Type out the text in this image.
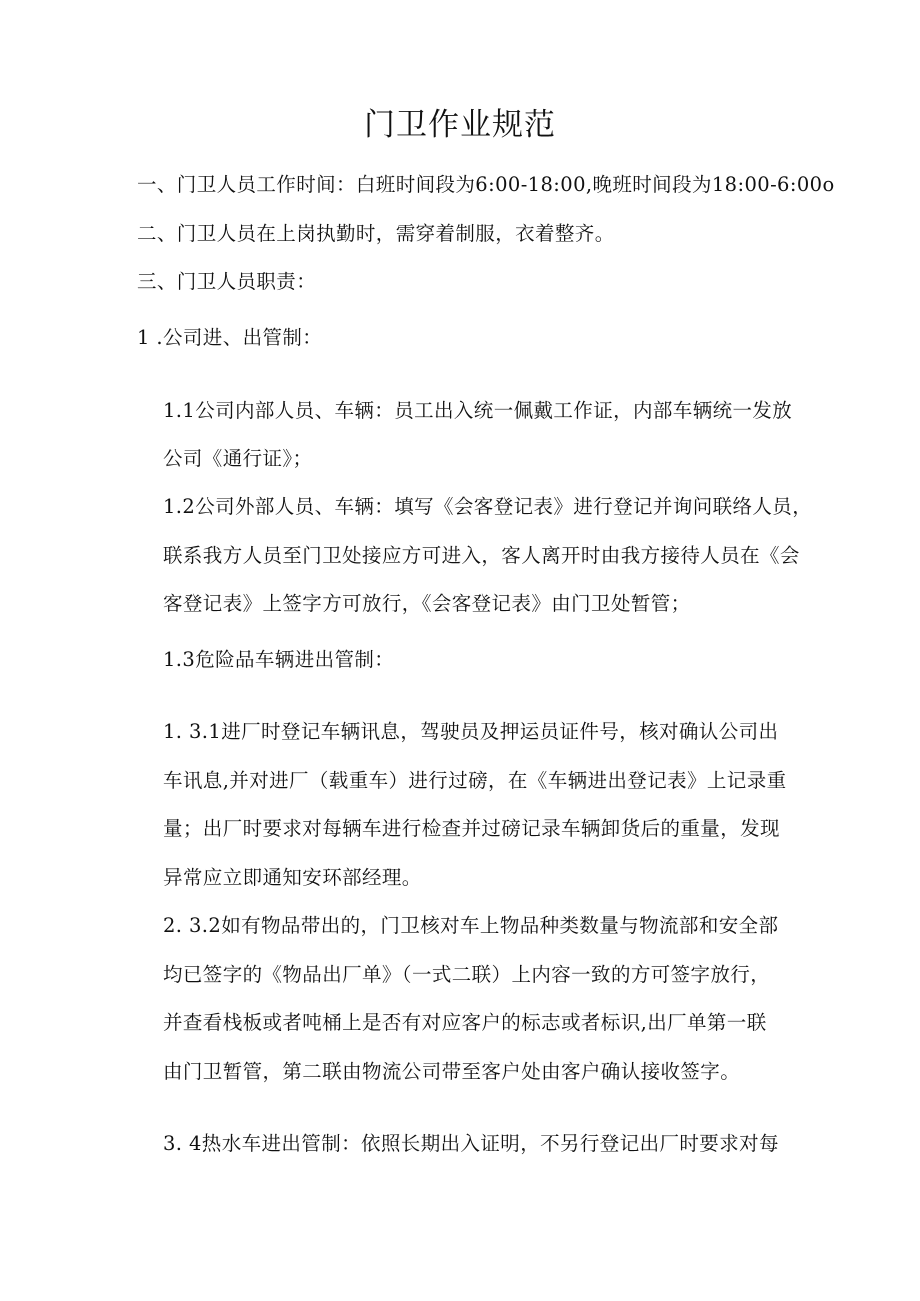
门卫作业规范
一、门卫人员工作时间：白班时间段为6:00-18:00,晚班时间段为18:00-6:00o
二、门卫人员在上岗执勤时，需穿着制服，衣着整齐。
三、门卫人员职责：
1 .公司进、出管制：
1.1公司内部人员、车辆：员工出入统一佩戴工作证，内部车辆统一发放
公司《通行证》；
1.2公司外部人员、车辆：填写《会客登记表》进行登记并询问联络人员，
联系我方人员至门卫处接应方可进入，客人离开时由我方接待人员在《会
客登记表》上签字方可放行，《会客登记表》由门卫处暂管；
1.3危险品车辆进出管制：
1. 3.1进厂时登记车辆讯息，驾驶员及押运员证件号，核对确认公司出
车讯息,并对进厂（载重车）进行过磅，在《车辆进出登记表》上记录重
量；出厂时要求对每辆车进行检查并过磅记录车辆卸货后的重量，发现
异常应立即通知安环部经理。
2. 3.2如有物品带出的，门卫核对车上物品种类数量与物流部和安全部
均已签字的《物品出厂单》（一式二联）上内容一致的方可签字放行，
并查看栈板或者吨桶上是否有对应客户的标志或者标识,出厂单第一联
由门卫暂管，第二联由物流公司带至客户处由客户确认接收签字。
3. 4热水车进出管制：依照长期出入证明，不另行登记出厂时要求对每
